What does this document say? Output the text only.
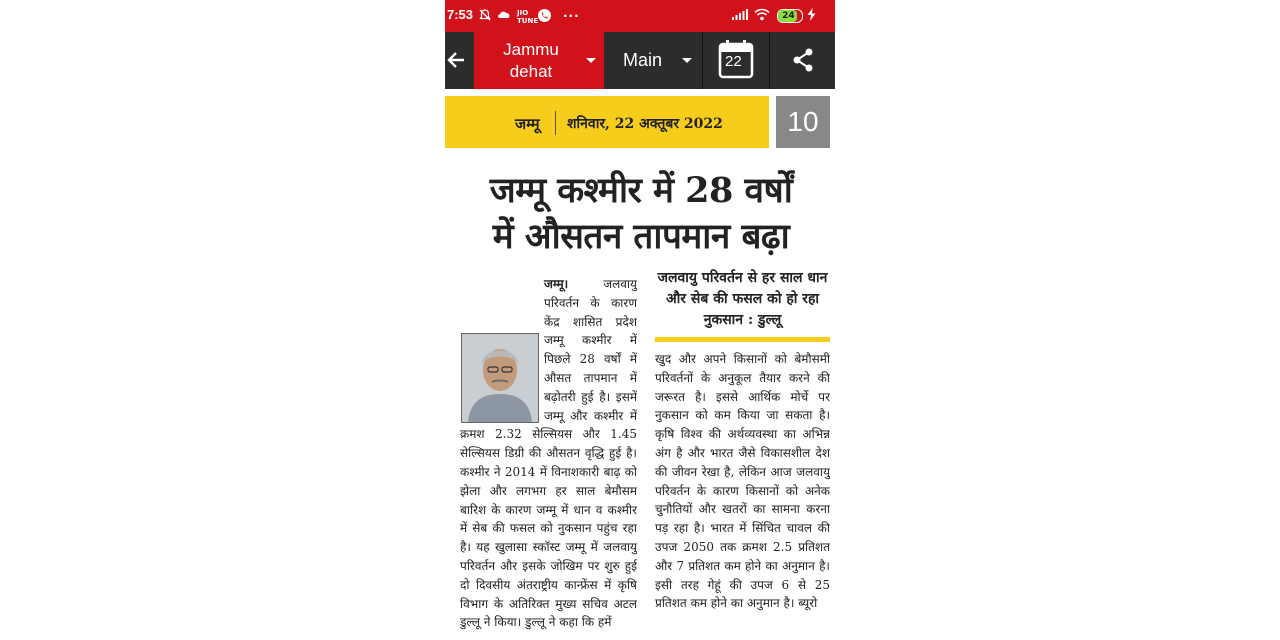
7:53	JIO
TUNE ···	24
Jammu
dehat
Main	22
जम्मू शनिवार, 22 अक्तूबर 2022	10
जम्मू कश्मीर में 28 वर्षों
में औसतन तापमान बढ़ा

जम्मू। जलवायु परिवर्तन के कारण केंद्र शासित प्रदेश जम्मू कश्मीर में पिछले 28 वर्षों में औसत तापमान में बढ़ोतरी हुई है। इसमें जम्मू और कश्मीर में क्रमश 2.32 सेल्सियस और 1.45 सेल्सियस डिग्री की औसतन वृद्धि हुई है। कश्मीर ने 2014 में विनाशकारी बाढ़ को झेला और लगभग हर साल बेमौसम बारिश के कारण जम्मू में धान व कश्मीर में सेब की फसल को नुकसान पहुंच रहा है। यह खुलासा स्कॉस्ट जम्मू में जलवायु परिवर्तन और इसके जोखिम पर शुरु हुई दो दिवसीय अंतराष्ट्रीय कान्फ्रेंस में कृषि विभाग के अतिरिक्त मुख्य सचिव अटल डुल्लू ने किया। डुल्लू ने कहा कि हमें

जलवायु परिवर्तन से हर साल धान और सेब की फसल को हो रहा नुकसान : डुल्लू

खुद और अपने किसानों को बेमौसमी परिवर्तनों के अनुकूल तैयार करने की जरूरत है। इससे आर्थिक मोर्चे पर नुकसान को कम किया जा सकता है। कृषि विश्व की अर्थव्यवस्था का अभिन्न अंग है और भारत जैसे विकासशील देश की जीवन रेखा है, लेकिन आज जलवायु परिवर्तन के कारण किसानों को अनेक चुनौतियों और खतरों का सामना करना पड़ रहा है। भारत में सिंचित चावल की उपज 2050 तक क्रमश 2.5 प्रतिशत और 7 प्रतिशत कम होने का अनुमान है। इसी तरह गेहूं की उपज 6 से 25 प्रतिशत कम होने का अनुमान है। ब्यूरो
